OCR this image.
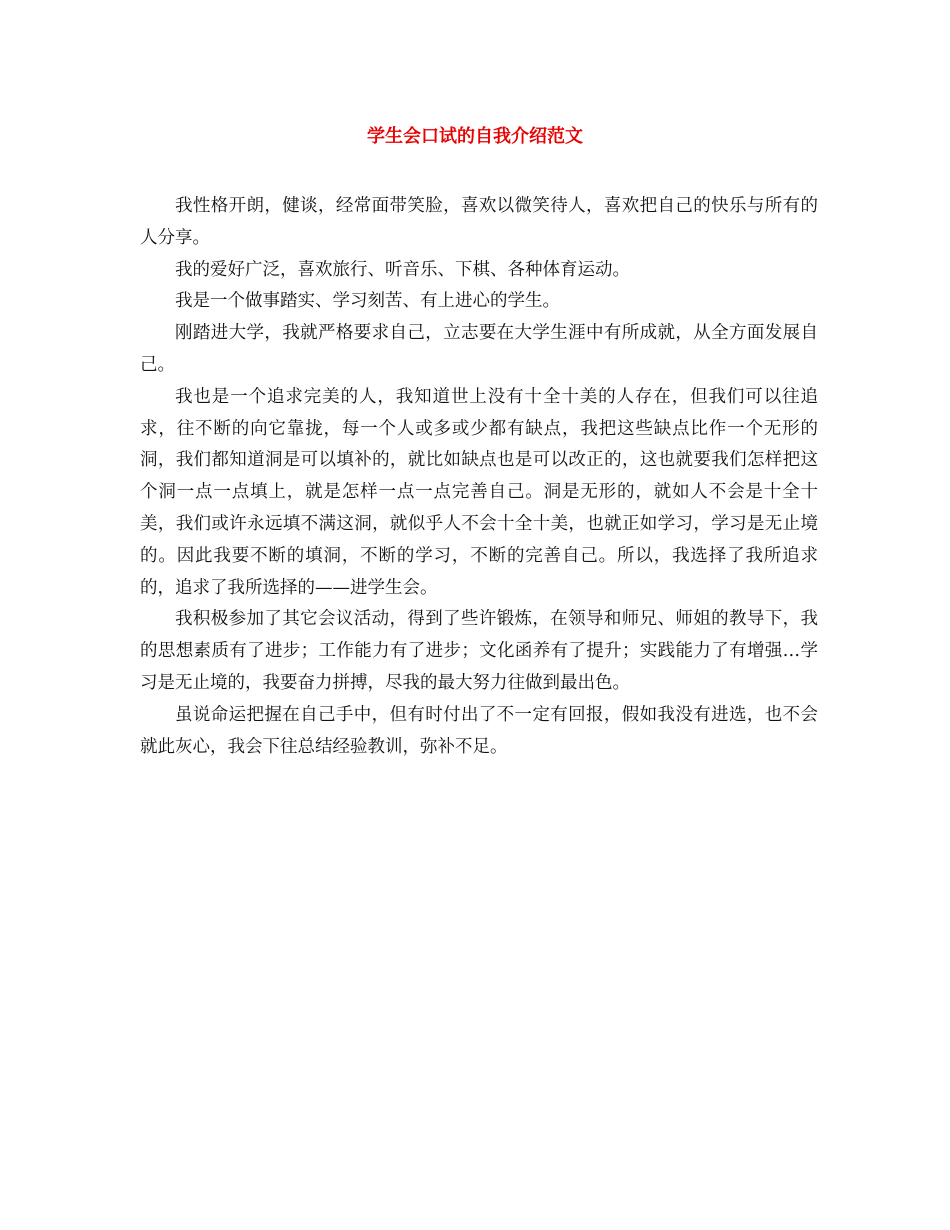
学生会口试的自我介绍范文

我性格开朗，健谈，经常面带笑脸，喜欢以微笑待人，喜欢把自己的快乐与所有的人分享。

我的爱好广泛，喜欢旅行、听音乐、下棋、各种体育运动。

我是一个做事踏实、学习刻苦、有上进心的学生。

刚踏进大学，我就严格要求自己，立志要在大学生涯中有所成就，从全方面发展自己。

我也是一个追求完美的人，我知道世上没有十全十美的人存在，但我们可以往追求，往不断的向它靠拢，每一个人或多或少都有缺点，我把这些缺点比作一个无形的洞，我们都知道洞是可以填补的，就比如缺点也是可以改正的，这也就要我们怎样把这个洞一点一点填上，就是怎样一点一点完善自己。洞是无形的，就如人不会是十全十美，我们或许永远填不满这洞，就似乎人不会十全十美，也就正如学习，学习是无止境的。因此我要不断的填洞，不断的学习，不断的完善自己。所以，我选择了我所追求的，追求了我所选择的——进学生会。

我积极参加了其它会议活动，得到了些许锻炼，在领导和师兄、师姐的教导下，我的思想素质有了进步；工作能力有了进步；文化函养有了提升；实践能力了有增强…学习是无止境的，我要奋力拼搏，尽我的最大努力往做到最出色。

虽说命运把握在自己手中，但有时付出了不一定有回报，假如我没有进选，也不会就此灰心，我会下往总结经验教训，弥补不足。
